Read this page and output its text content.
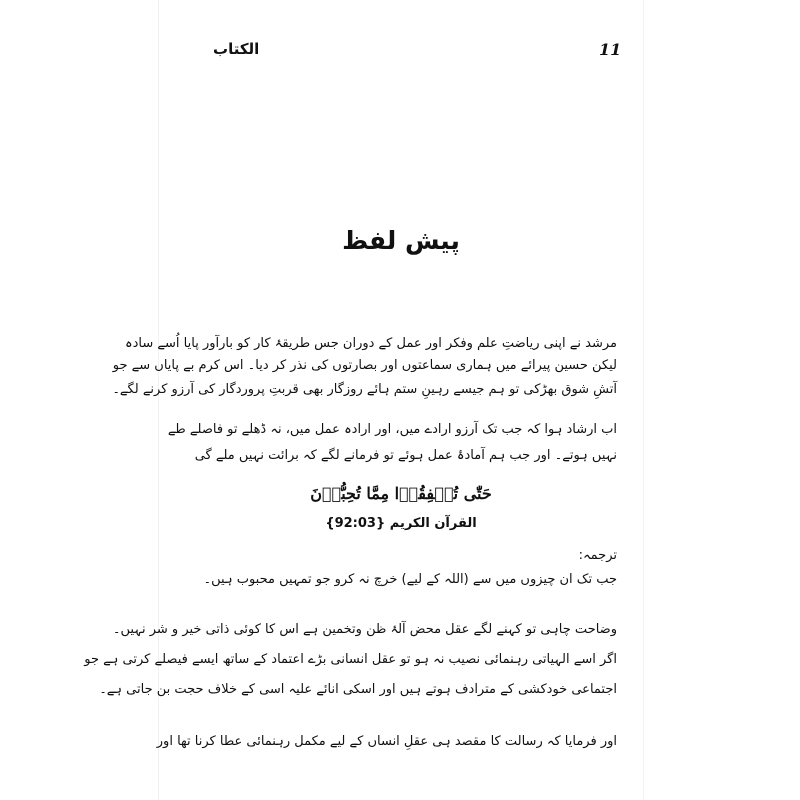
11
الکتاب
پیش لفظ
مرشد نے اپنی ریاضتِ علم وفکر اور عمل کے دوران جس طریقۂ کار کو بارآور پایا اُسے سادہ
لیکن حسین پیرائے میں ہماری سماعتوں اور بصارتوں کی نذر کر دیا۔ اس کرم بے پایاں سے جو
آتشِ شوق بھڑکی تو ہم جیسے رہینِ ستم ہائے روزگار بھی قربتِ پروردگار کی آرزو کرنے لگے۔
اب ارشاد ہوا کہ جب تک آرزو ارادے میں، اور ارادہ عمل میں، نہ ڈھلے تو فاصلے طے
نہیں ہوتے۔ اور جب ہم آمادۂ عمل ہوئے تو فرمانے لگے کہ برائت نہیں ملے گی
حَتّٰى تُنۡفِقُوۡا مِمَّا تُحِبُّوۡنَ
القرآن الکریم {92:03}
ترجمہ:
جب تک ان چیزوں میں سے (اللہ کے لیے) خرچ نہ کرو جو تمہیں محبوب ہیں۔
وضاحت چاہی تو کہنے لگے عقل محض آلۂ ظن وتخمین ہے اس کا کوئی ذاتی خیر و شر نہیں۔
اگر اسے الہیاتی رہنمائی نصیب نہ ہو تو عقل انسانی بڑے اعتماد کے ساتھ ایسے فیصلے کرتی ہے جو
اجتماعی خودکشی کے مترادف ہوتے ہیں اور اسکی انائے علیہ اسی کے خلاف حجت بن جاتی ہے۔
اور فرمایا کہ رسالت کا مقصد ہی عقلِ انساں کے لیے مکمل رہنمائی عطا کرنا تھا اور
